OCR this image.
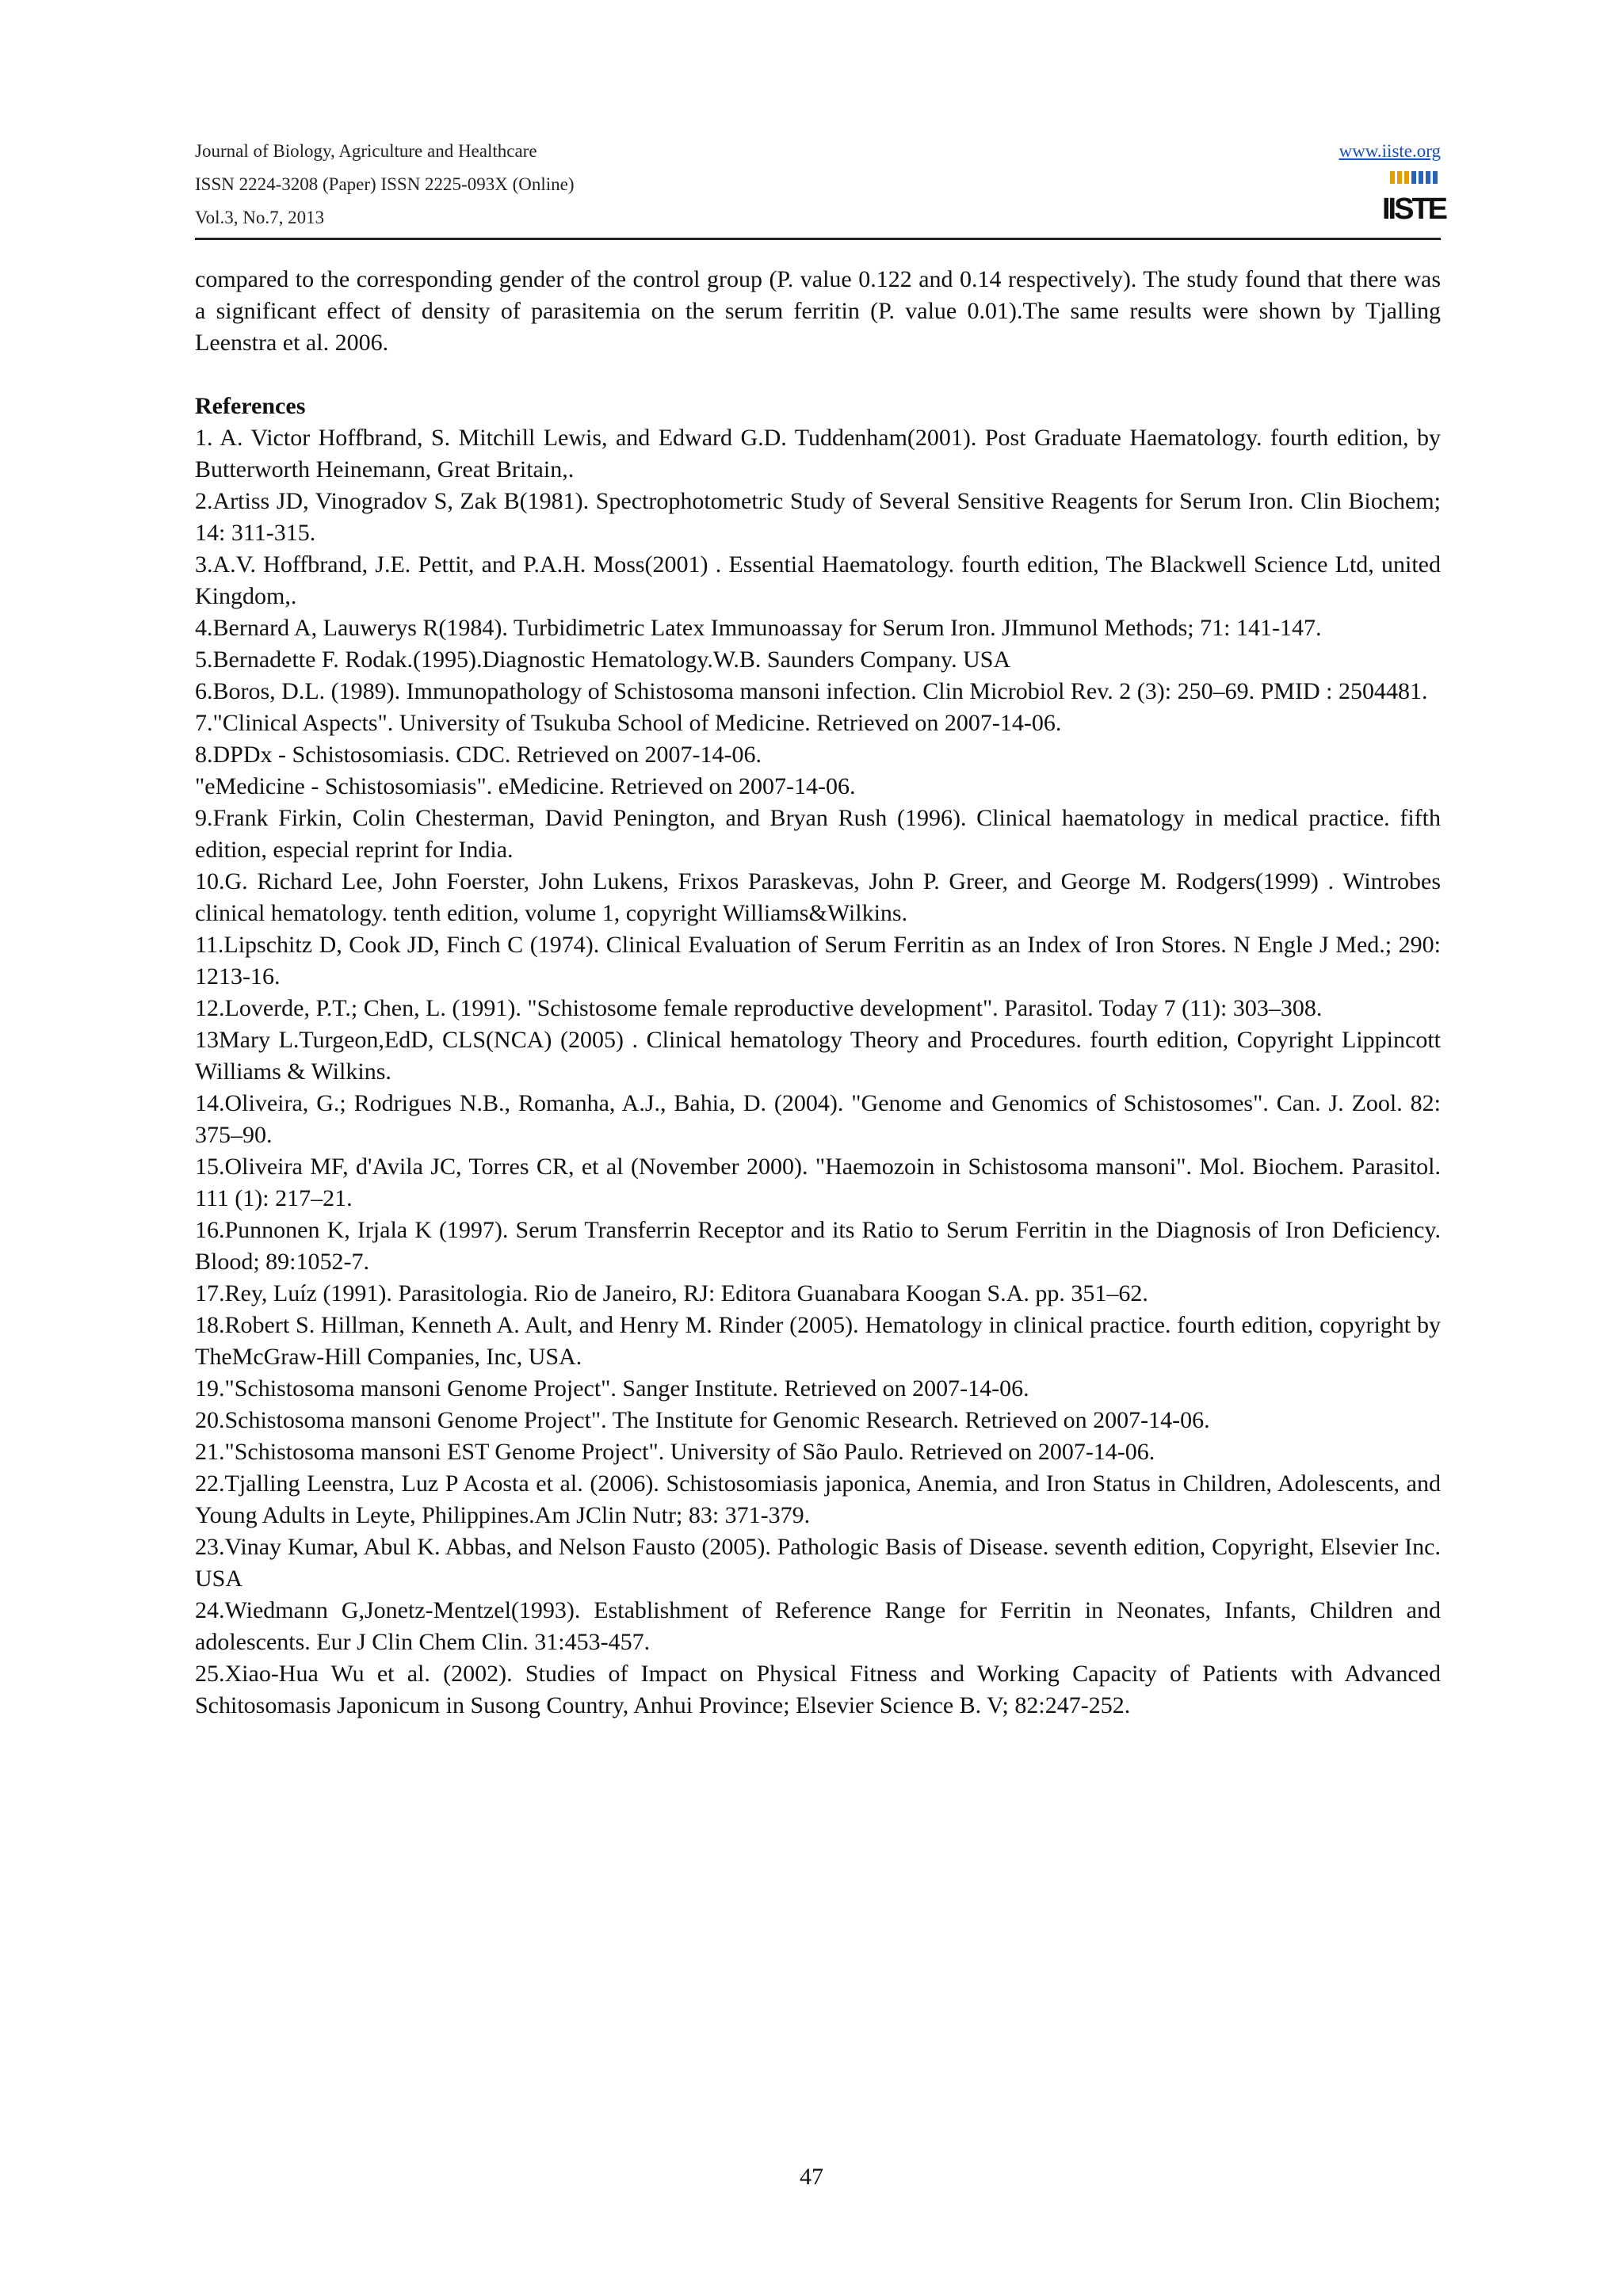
Journal of Biology, Agriculture and Healthcare
ISSN 2224-3208 (Paper) ISSN 2225-093X (Online)
Vol.3, No.7, 2013
www.iiste.org
IISTE

compared to the corresponding gender of the control group (P. value 0.122 and 0.14 respectively). The study found that there was a significant effect of density of parasitemia on the serum ferritin (P. value 0.01).The same results were shown by Tjalling Leenstra et al. 2006.

References

1. A. Victor Hoffbrand, S. Mitchill Lewis, and Edward G.D. Tuddenham(2001). Post Graduate Haematology. fourth edition, by Butterworth Heinemann, Great Britain,.

2.Artiss JD, Vinogradov S, Zak B(1981). Spectrophotometric Study of Several Sensitive Reagents for Serum Iron. Clin Biochem; 14: 311-315.

3.A.V. Hoffbrand, J.E. Pettit, and P.A.H. Moss(2001) . Essential Haematology. fourth edition, The Blackwell Science Ltd, united Kingdom,.

4.Bernard A, Lauwerys R(1984). Turbidimetric Latex Immunoassay for Serum Iron. JImmunol Methods; 71: 141-147.

5.Bernadette F. Rodak.(1995).Diagnostic Hematology.W.B. Saunders Company. USA

6.Boros, D.L. (1989). Immunopathology of Schistosoma mansoni infection. Clin Microbiol Rev. 2 (3): 250–69. PMID : 2504481.

7."Clinical Aspects". University of Tsukuba School of Medicine. Retrieved on 2007-14-06.

8.DPDx - Schistosomiasis. CDC. Retrieved on 2007-14-06.

"eMedicine - Schistosomiasis". eMedicine. Retrieved on 2007-14-06.

9.Frank Firkin, Colin Chesterman, David Penington, and Bryan Rush (1996). Clinical haematology in medical practice. fifth edition, especial reprint for India.

10.G. Richard Lee, John Foerster, John Lukens, Frixos Paraskevas, John P. Greer, and George M. Rodgers(1999) . Wintrobes clinical hematology. tenth edition, volume 1, copyright Williams&Wilkins.

11.Lipschitz D, Cook JD, Finch C (1974). Clinical Evaluation of Serum Ferritin as an Index of Iron Stores. N Engle J Med.; 290: 1213-16.

12.Loverde, P.T.; Chen, L. (1991). "Schistosome female reproductive development". Parasitol. Today 7 (11): 303–308.

13Mary L.Turgeon,EdD, CLS(NCA) (2005) . Clinical hematology Theory and Procedures. fourth edition, Copyright Lippincott Williams & Wilkins.

14.Oliveira, G.; Rodrigues N.B., Romanha, A.J., Bahia, D. (2004). "Genome and Genomics of Schistosomes". Can. J. Zool. 82: 375–90.

15.Oliveira MF, d'Avila JC, Torres CR, et al (November 2000). "Haemozoin in Schistosoma mansoni". Mol. Biochem. Parasitol. 111 (1): 217–21.

16.Punnonen K, Irjala K (1997). Serum Transferrin Receptor and its Ratio to Serum Ferritin in the Diagnosis of Iron Deficiency. Blood; 89:1052-7.

17.Rey, Luíz (1991). Parasitologia. Rio de Janeiro, RJ: Editora Guanabara Koogan S.A. pp. 351–62.

18.Robert S. Hillman, Kenneth A. Ault, and Henry M. Rinder (2005). Hematology in clinical practice. fourth edition, copyright by TheMcGraw-Hill Companies, Inc, USA.

19."Schistosoma mansoni Genome Project". Sanger Institute. Retrieved on 2007-14-06.

20.Schistosoma mansoni Genome Project". The Institute for Genomic Research. Retrieved on 2007-14-06.

21."Schistosoma mansoni EST Genome Project". University of São Paulo. Retrieved on 2007-14-06.

22.Tjalling Leenstra, Luz P Acosta et al. (2006). Schistosomiasis japonica, Anemia, and Iron Status in Children, Adolescents, and Young Adults in Leyte, Philippines.Am JClin Nutr; 83: 371-379.

23.Vinay Kumar, Abul K. Abbas, and Nelson Fausto (2005). Pathologic Basis of Disease. seventh edition, Copyright, Elsevier Inc. USA

24.Wiedmann G,Jonetz-Mentzel(1993). Establishment of Reference Range for Ferritin in Neonates, Infants, Children and adolescents. Eur J Clin Chem Clin. 31:453-457.

25.Xiao-Hua Wu et al. (2002). Studies of Impact on Physical Fitness and Working Capacity of Patients with Advanced Schitosomasis Japonicum in Susong Country, Anhui Province; Elsevier Science B. V; 82:247-252.

47
